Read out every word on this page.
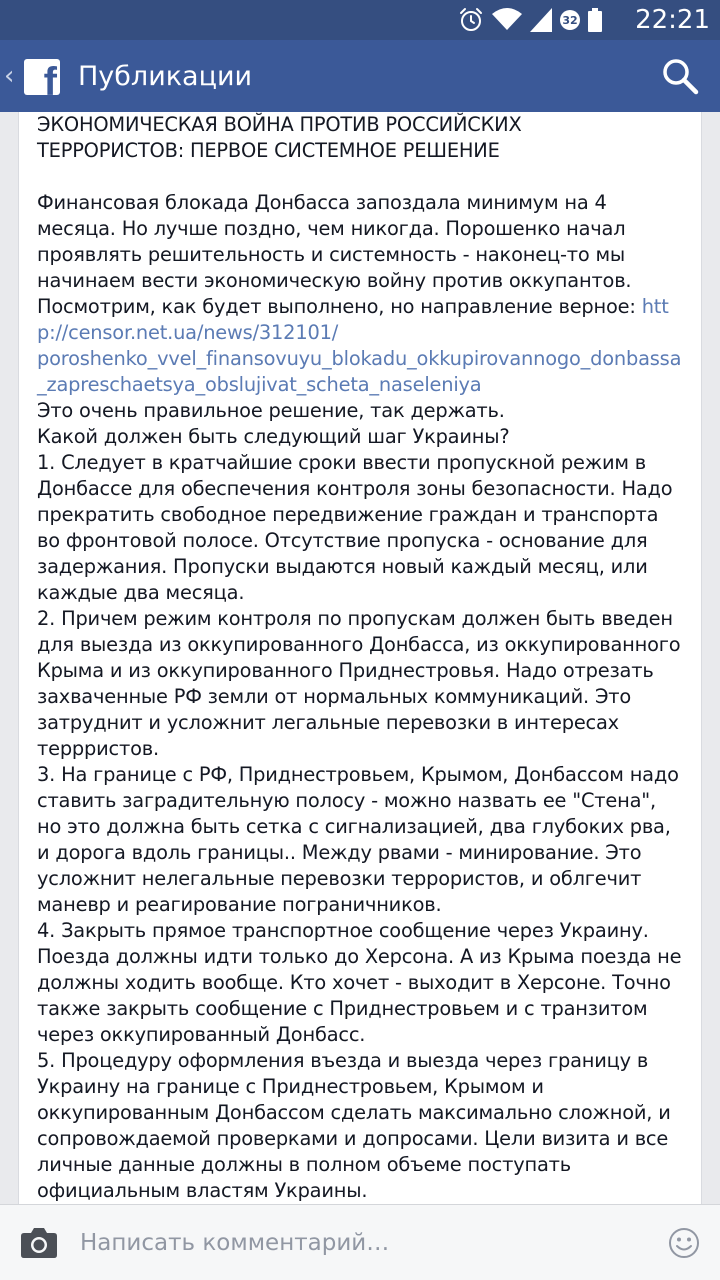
32 22:21
‹ f Публикации

ЭКОНОМИЧЕСКАЯ ВОЙНА ПРОТИВ РОССИЙСКИХ

ТЕРРОРИСТОВ: ПЕРВОЕ СИСТЕМНОЕ РЕШЕНИЕ

Финансовая блокада Донбасса запоздала минимум на 4 месяца. Но лучше поздно, чем никогда. Порошенко начал проявлять решительность и системность - наконец-то мы начинаем вести экономическую войну против оккупантов. Посмотрим, как будет выполнено, но направление верное: http://censor.net.ua/news/312101/

poroshenko_vvel_finansovuyu_blokadu_okkupirovannogo_donbassa

_zapreschaetsya_obslujivat_scheta_naseleniya

Это очень правильное решение, так держать.

Какой должен быть следующий шаг Украины?

1. Следует в кратчайшие сроки ввести пропускной режим в Донбассе для обеспечения контроля зоны безопасности. Надо прекратить свободное передвижение граждан и транспорта во фронтовой полосе. Отсутствие пропуска - основание для задержания. Пропуски выдаются новый каждый месяц, или каждые два месяца.

2. Причем режим контроля по пропускам должен быть введен для выезда из оккупированного Донбасса, из оккупированного Крыма и из оккупированного Приднестровья. Надо отрезать захваченные РФ земли от нормальных коммуникаций. Это затруднит и усложнит легальные перевозки в интересах террристов.

3. На границе с РФ, Приднестровьем, Крымом, Донбассом надо ставить заградительную полосу - можно назвать ее "Стена", но это должна быть сетка с сигнализацией, два глубоких рва, и дорога вдоль границы.. Между рвами - минирование. Это усложнит нелегальные перевозки террористов, и облгечит маневр и реагирование пограничников.

4. Закрыть прямое транспортное сообщение через Украину. Поезда должны идти только до Херсона. А из Крыма поезда не должны ходить вообще. Кто хочет - выходит в Херсоне. Точно также закрыть сообщение с Приднестровьем и с транзитом через оккупированный Донбасс.

5. Процедуру оформления въезда и выезда через границу в Украину на границе с Приднестровьем, Крымом и оккупированным Донбассом сделать максимально сложной, и сопровождаемой проверками и допросами. Цели визита и все личные данные должны в полном объеме поступать официальным властям Украины.

Написать комментарий…
